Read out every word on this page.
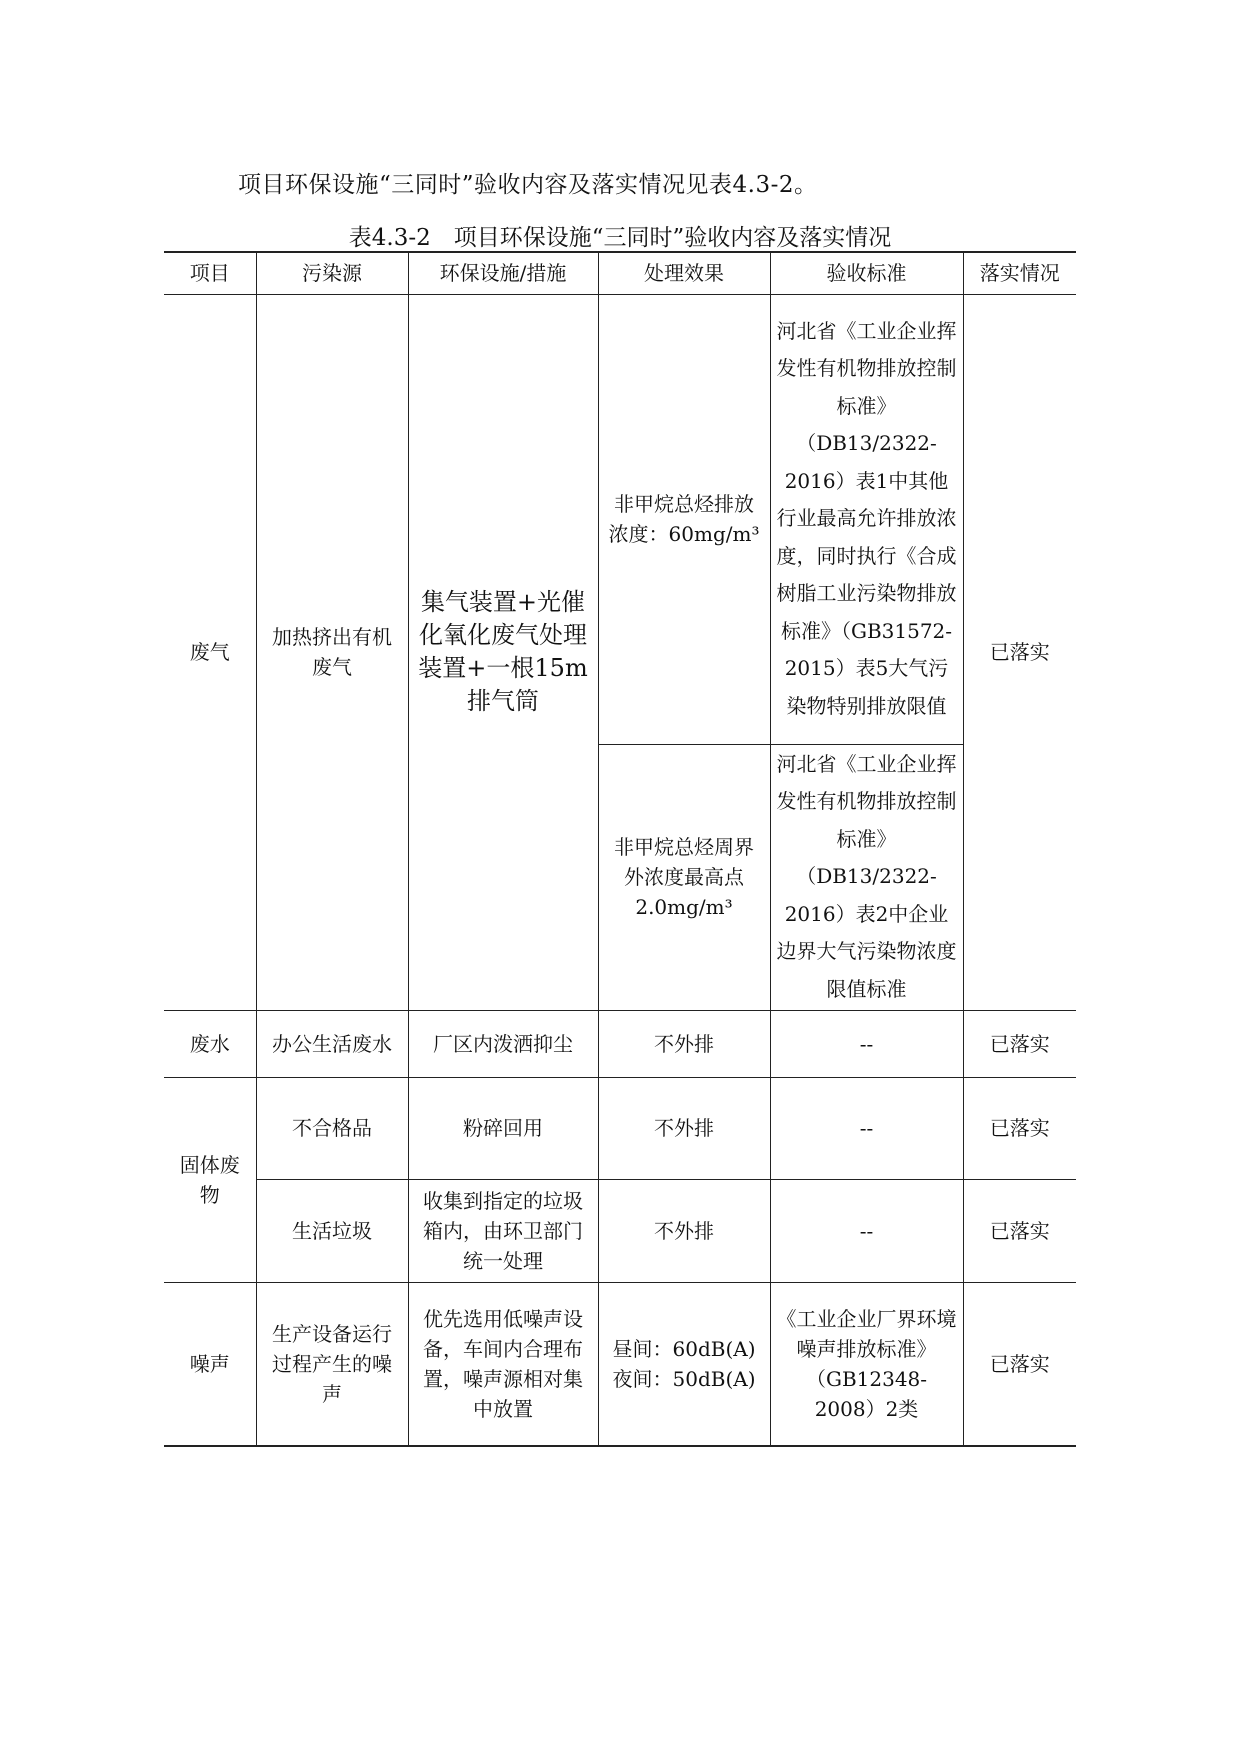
项目环保设施“三同时”验收内容及落实情况见表4.3-2。
表4.3-2　项目环保设施“三同时”验收内容及落实情况
项目	污染源	环保设施/措施	处理效果	验收标准	落实情况
废气	加热挤出有机废气	集气装置+光催化氧化废气处理装置+一根15m 排气筒	非甲烷总烃排放浓度：60mg/m³	河北省《工业企业挥发性有机物排放控制标准》（DB13/2322-2016）表1中其他行业最高允许排放浓度，同时执行《合成树脂工业污染物排放标准》（GB31572-2015）表5大气污染物特别排放限值	已落实
			非甲烷总烃周界外浓度最高点 2.0mg/m³	河北省《工业企业挥发性有机物排放控制标准》（DB13/2322-2016）表2中企业边界大气污染物浓度限值标准	
废水	办公生活废水	厂区内泼洒抑尘	不外排	--	已落实
固体废物	不合格品	粉碎回用	不外排	--	已落实
	生活垃圾	收集到指定的垃圾箱内，由环卫部门统一处理	不外排	--	已落实
噪声	生产设备运行过程产生的噪声	优先选用低噪声设备，车间内合理布置，噪声源相对集中放置	昼间：60dB(A) 夜间：50dB(A)	《工业企业厂界环境噪声排放标准》（GB12348-2008）2类	已落实
